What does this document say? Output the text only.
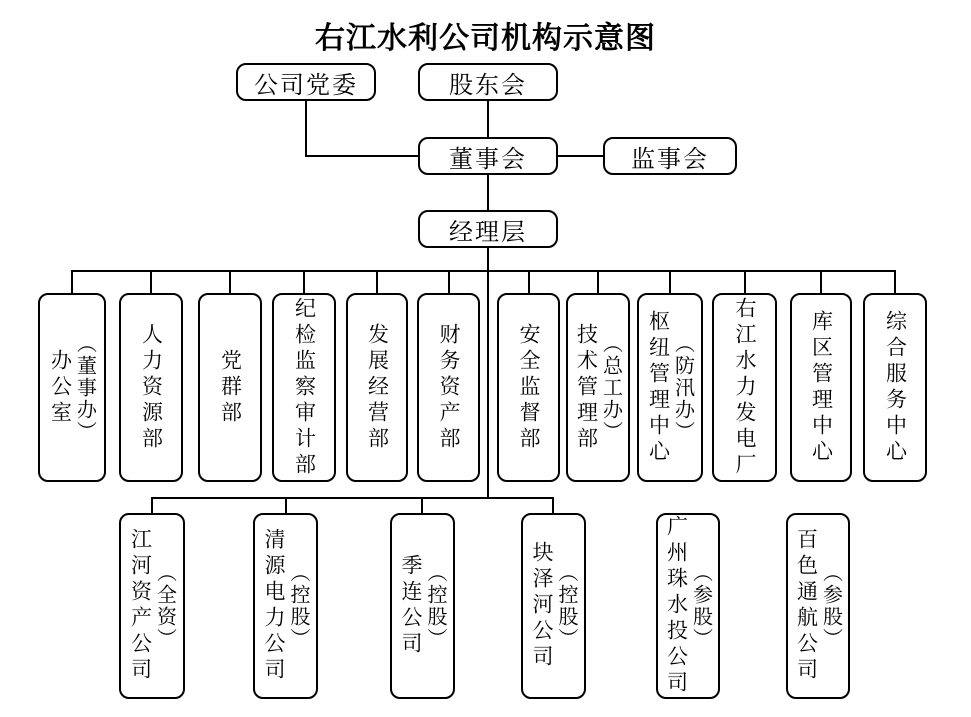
右江水利公司机构示意图
公司党委	股东会
董事会	监事会
经理层
办公室 （董事办） 人力资源部	党群部 纪检监察审计部 发展经营部 财务资产部	安全监督部 技术管理部 （总工办） 枢纽管理中心 （防汛办） 右江水力发电厂	库区管理中心 综合服务中心
江河资产公司 （全资）	清源电力公司 （控股）	季连公司 （控股）	块泽河公司 （控股）	广州珠水投公司 （参股）	百色通航公司 （参股）
